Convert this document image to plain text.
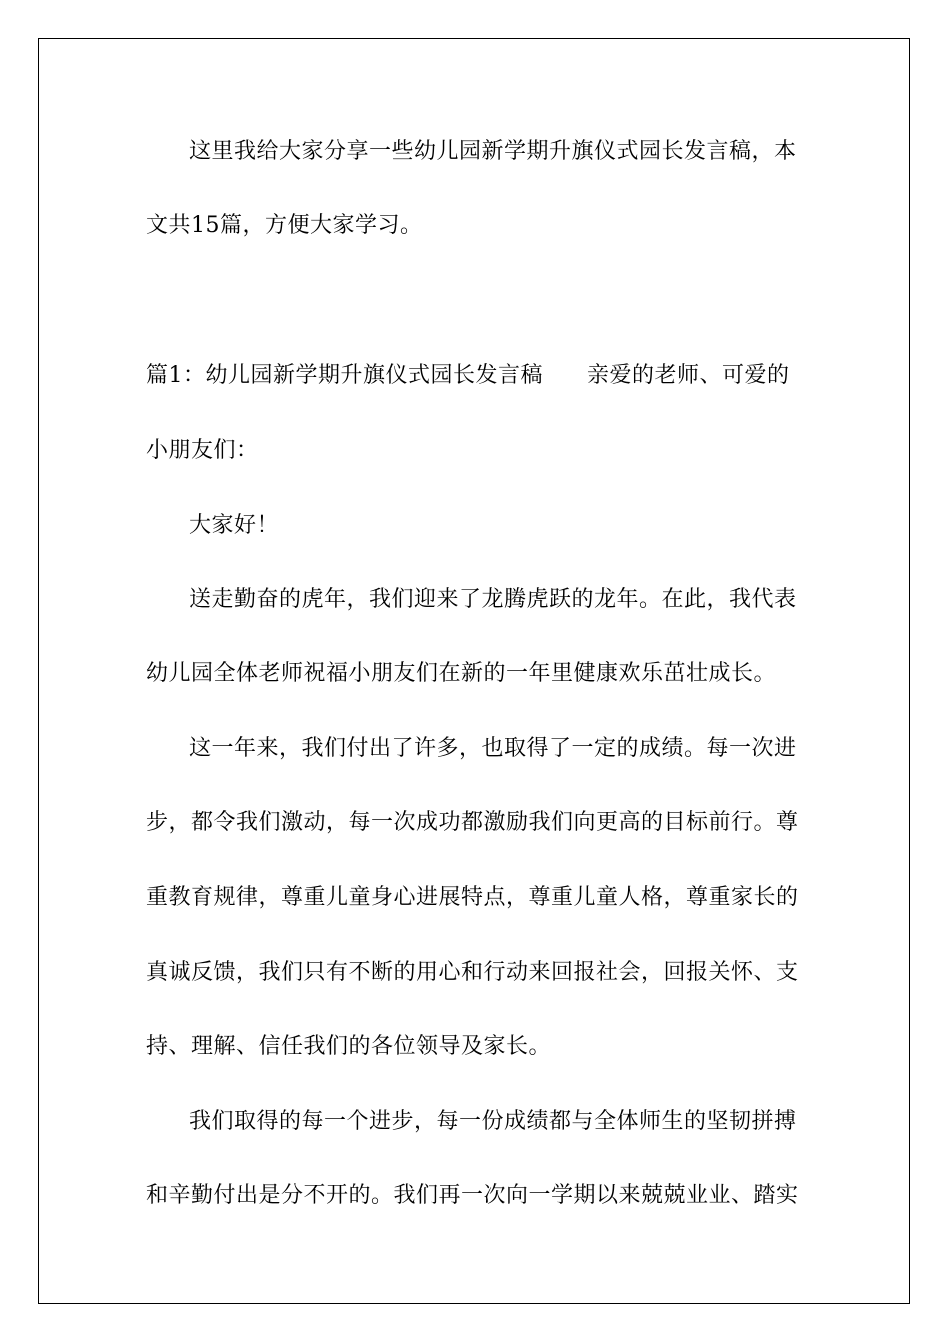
这里我给大家分享一些幼儿园新学期升旗仪式园长发言稿，本
文共15篇，方便大家学习。
篇1：幼儿园新学期升旗仪式园长发言稿 亲爱的老师、可爱的
小朋友们：
大家好！
送走勤奋的虎年，我们迎来了龙腾虎跃的龙年。在此，我代表
幼儿园全体老师祝福小朋友们在新的一年里健康欢乐茁壮成长。
这一年来，我们付出了许多，也取得了一定的成绩。每一次进
步，都令我们激动，每一次成功都激励我们向更高的目标前行。尊
重教育规律，尊重儿童身心进展特点，尊重儿童人格，尊重家长的
真诚反馈，我们只有不断的用心和行动来回报社会，回报关怀、支
持、理解、信任我们的各位领导及家长。
我们取得的每一个进步，每一份成绩都与全体师生的坚韧拼搏
和辛勤付出是分不开的。我们再一次向一学期以来兢兢业业、踏实
